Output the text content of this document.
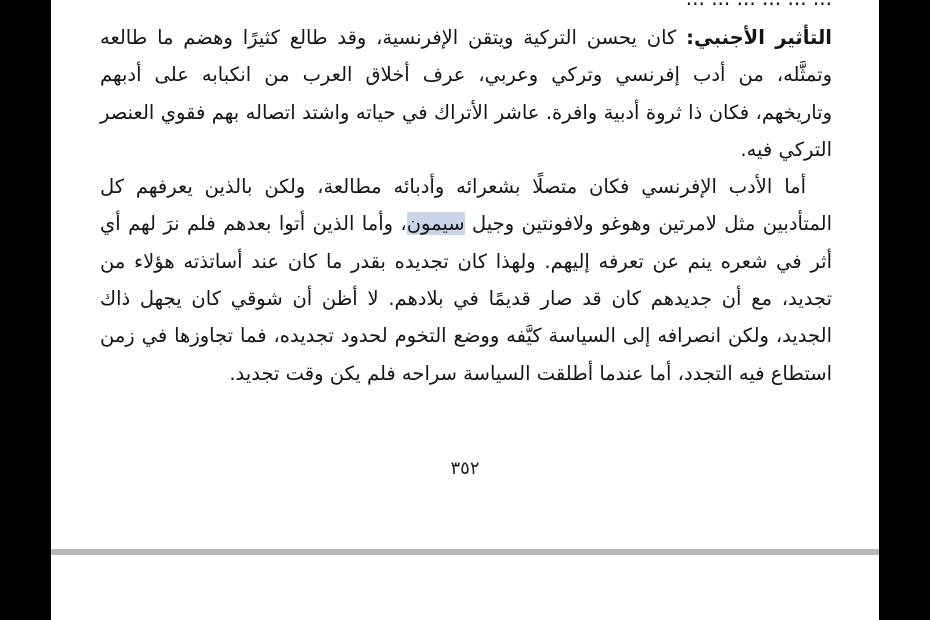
التأثير الأجنبي: كان يحسن التركية ويتقن الإفرنسية، وقد طالع كثيرًا وهضم ما طالعه وتمثَّله، من أدب إفرنسي وتركي وعربي، عرف أخلاق العرب من انكبابه على أدبهم وتاريخهم، فكان ذا ثروة أدبية وافرة. عاشر الأتراك في حياته واشتد اتصاله بهم فقوي العنصر التركي فيه.

أما الأدب الإفرنسي فكان متصلًا بشعرائه وأدبائه مطالعة، ولكن بالذين يعرفهم كل المتأدبين مثل لامرتين وهوغو ولافونتين وجيل سيمون، وأما الذين أتوا بعدهم فلم نرَ لهم أي أثر في شعره ينم عن تعرفه إليهم. ولهذا كان تجديده بقدر ما كان عند أساتذته هؤلاء من تجديد، مع أن جديدهم كان قد صار قديمًا في بلادهم. لا أظن أن شوقي كان يجهل ذاك الجديد، ولكن انصرافه إلى السياسة كيَّفه ووضع التخوم لحدود تجديده، فما تجاوزها في زمن استطاع فيه التجدد، أما عندما أطلقت السياسة سراحه فلم يكن وقت تجديد.

٣٥٢
